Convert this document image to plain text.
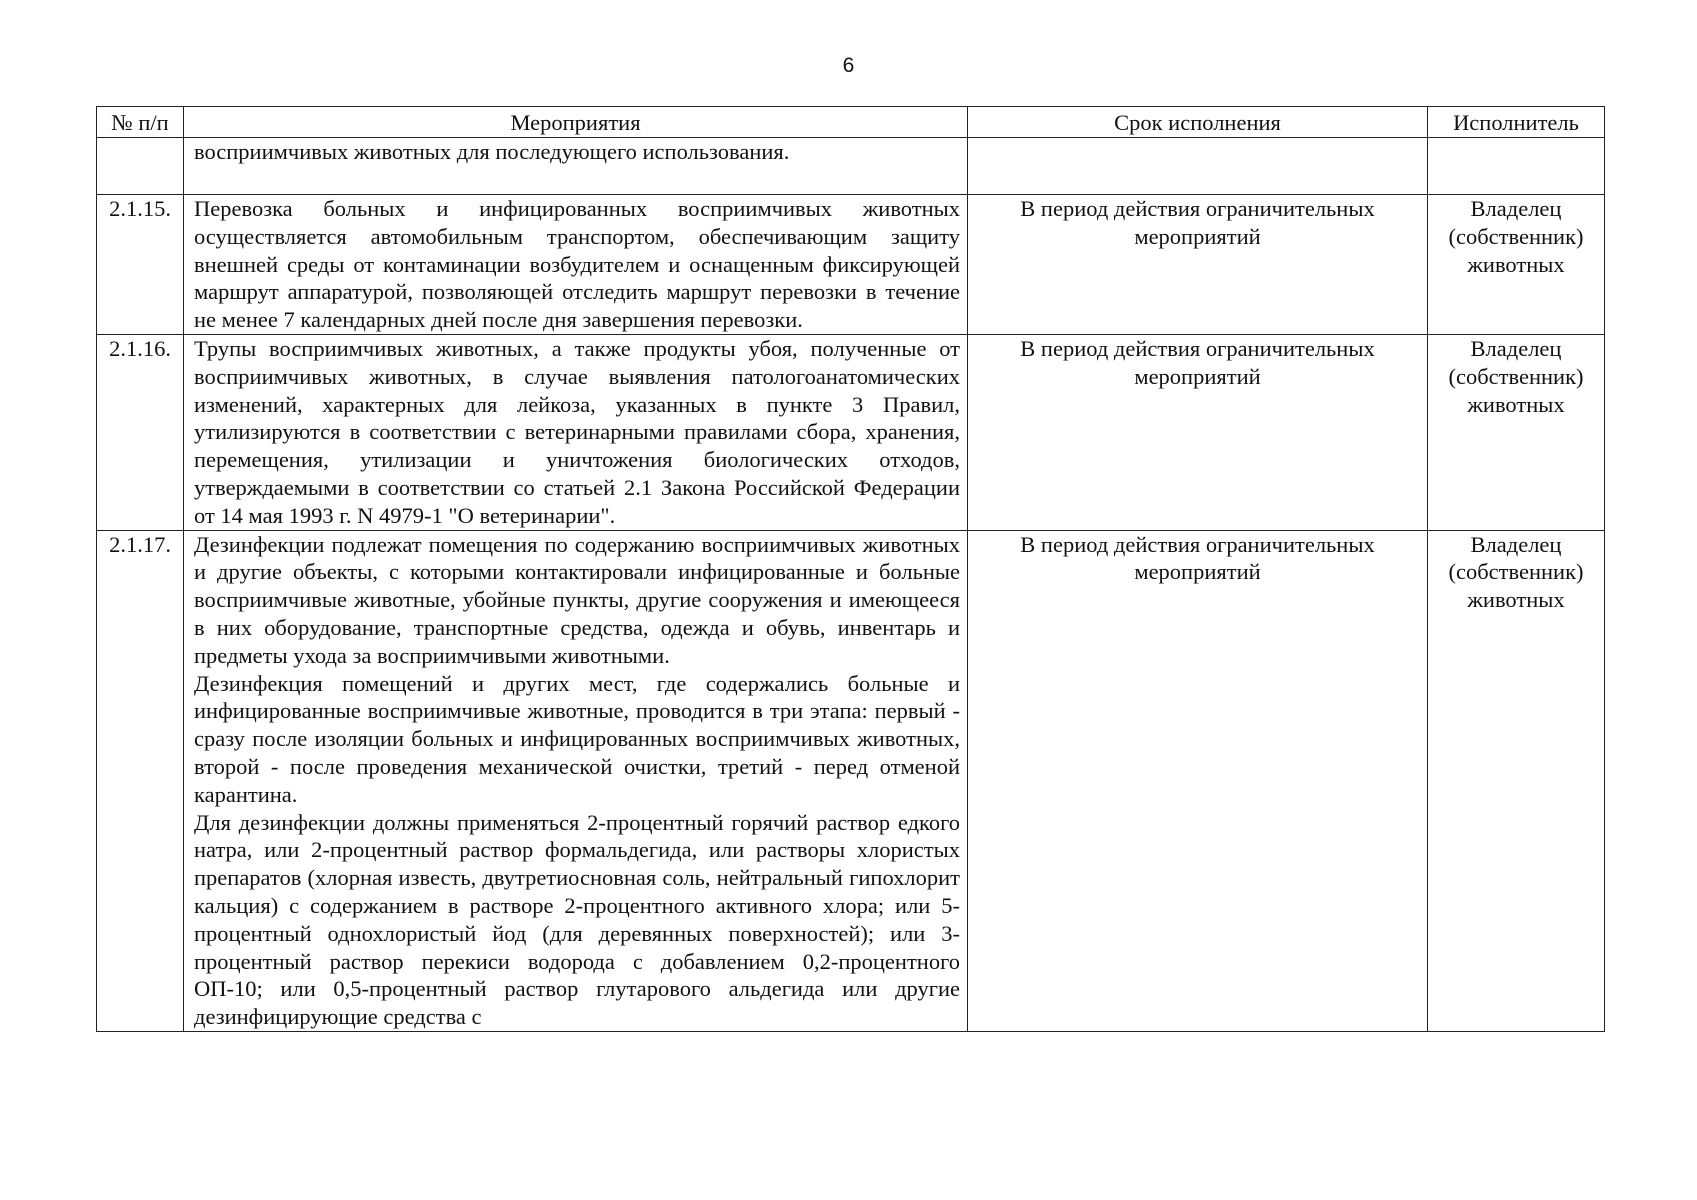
6
№ п/п	Мероприятия	Срок исполнения	Исполнитель

	восприимчивых животных для последующего использования.		

2.1.15.	Перевозка больных и инфицированных восприимчивых животных осуществляется автомобильным транспортом, обеспечивающим защиту внешней среды от контаминации возбудителем и оснащенным фиксирующей маршрут аппаратурой, позволяющей отследить маршрут перевозки в течение не менее 7 календарных дней после дня завершения перевозки.	В период действия ограничительных мероприятий	Владелец (собственник) животных
2.1.16.	Трупы восприимчивых животных, а также продукты убоя, полученные от восприимчивых животных, в случае выявления патологоанатомических изменений, характерных для лейкоза, указанных в пункте 3 Правил, утилизируются в соответствии с ветеринарными правилами сбора, хранения, перемещения, утилизации и уничтожения биологических отходов, утверждаемыми в соответствии со статьей 2.1 Закона Российской Федерации от 14 мая 1993 г. N 4979-1 "О ветеринарии".	В период действия ограничительных мероприятий	Владелец (собственник) животных
2.1.17.	Дезинфекции подлежат помещения по содержанию восприимчивых животных и другие объекты, с которыми контактировали инфицированные и больные восприимчивые животные, убойные пункты, другие сооружения и имеющееся в них оборудование, транспортные средства, одежда и обувь, инвентарь и предметы ухода за восприимчивыми животными.

Дезинфекция помещений и других мест, где содержались больные и инфицированные восприимчивые животные, проводится в три этапа: первый - сразу после изоляции больных и инфицированных восприимчивых животных, второй - после проведения механической очистки, третий - перед отменой карантина.

Для дезинфекции должны применяться 2-процентный горячий раствор едкого натра, или 2-процентный раствор формальдегида, или растворы хлористых препаратов (хлорная известь, двутретиосновная соль, нейтральный гипохлорит кальция) с содержанием в растворе 2-процентного активного хлора; или 5-процентный однохлористый йод (для деревянных поверхностей); или 3-процентный раствор перекиси водорода с добавлением 0,2-процентного ОП-10; или 0,5-процентный раствор глутарового альдегида или другие дезинфицирующие средства с	В период действия ограничительных мероприятий	Владелец (собственник) животных
